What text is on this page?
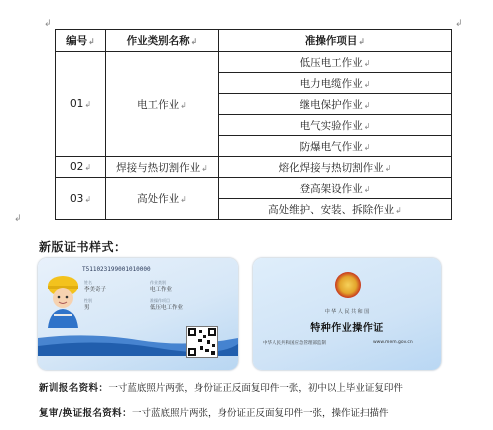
↲	↲
编号↲	作业类别名称↲	准操作项目↲
01↲	电工作业↲	低压电工作业↲
		电力电缆作业↲
		继电保护作业↲
		电气实验作业↲
		防爆电气作业↲
02↲	焊接与热切割作业↲	熔化焊接与热切割作业↲
03↲	高处作业↲	登高架设作业↲
		高处维护、安装、拆除作业↲
↲
新版证书样式：
T511023199001010000
姓名
李美奇子
性别
男
作业类别
电工作业
准操作项目
低压电工作业
中 华 人 民 共 和 国
特种作业操作证
中华人民共和国应急管理部监制	www.mem.gov.cn
新训报名资料：一寸蓝底照片两张，身份证正反面复印件一张，初中以上毕业证复印件
复审/换证报名资料：一寸蓝底照片两张，身份证正反面复印件一张，操作证扫描件
